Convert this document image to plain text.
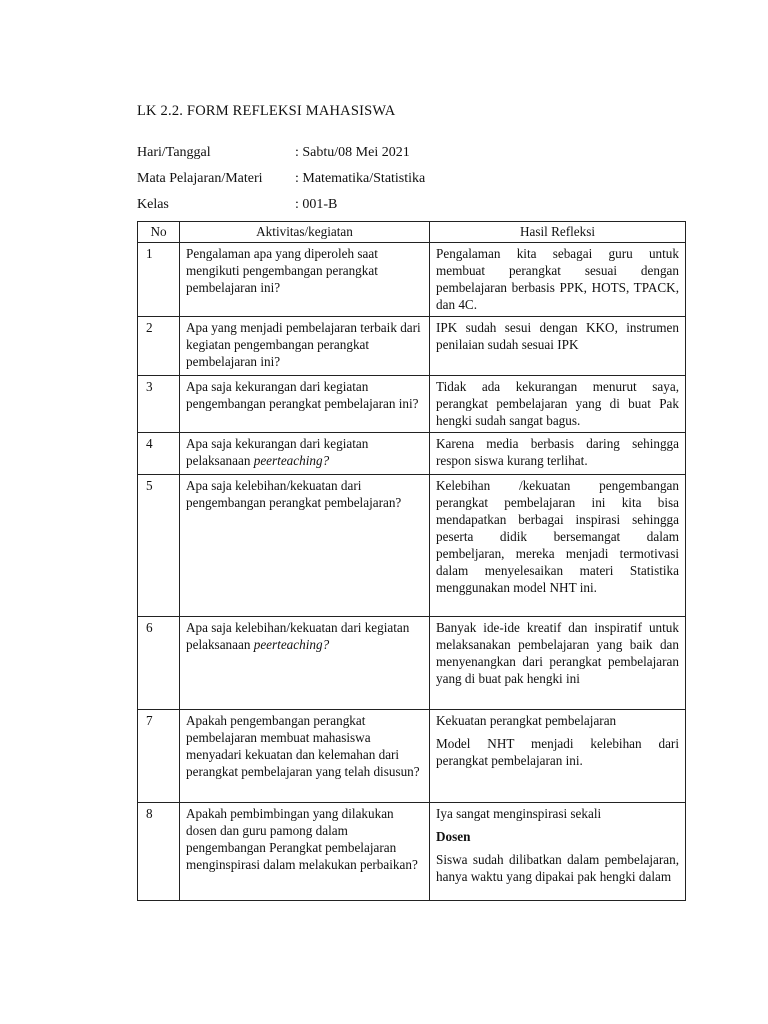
LK 2.2. FORM REFLEKSI MAHASISWA
Hari/Tanggal	: Sabtu/08 Mei 2021
Mata Pelajaran/Materi : Matematika/Statistika
Kelas	: 001-B
No	Aktivitas/kegiatan	Hasil Refleksi
1	Pengalaman apa yang diperoleh saat mengikuti pengembangan perangkat pembelajaran ini?	Pengalaman kita sebagai guru untuk membuat perangkat sesuai dengan pembelajaran berbasis PPK, HOTS, TPACK, dan 4C.
2	Apa yang menjadi pembelajaran terbaik dari kegiatan pengembangan perangkat pembelajaran ini?	IPK sudah sesui dengan KKO, instrumen penilaian sudah sesuai IPK
3	Apa saja kekurangan dari kegiatan pengembangan perangkat pembelajaran ini?	Tidak ada kekurangan menurut saya, perangkat pembelajaran yang di buat Pak hengki sudah sangat bagus.
4	Apa saja kekurangan dari kegiatan pelaksanaan peerteaching?	Karena media berbasis daring sehingga respon siswa kurang terlihat.
5	Apa saja kelebihan/kekuatan dari pengembangan perangkat pembelajaran?	Kelebihan /kekuatan pengembangan perangkat pembelajaran ini kita bisa mendapatkan berbagai inspirasi sehingga peserta didik bersemangat dalam pembeljaran, mereka menjadi termotivasi dalam menyelesaikan materi Statistika menggunakan model NHT ini.
6	Apa saja kelebihan/kekuatan dari kegiatan pelaksanaan peerteaching?	Banyak ide-ide kreatif dan inspiratif untuk melaksanakan pembelajaran yang baik dan menyenangkan dari perangkat pembelajaran yang di buat pak hengki ini
7	Apakah pengembangan perangkat pembelajaran membuat mahasiswa menyadari kekuatan dan kelemahan dari perangkat pembelajaran yang telah disusun?	Kekuatan perangkat pembelajaran
Model NHT menjadi kelebihan dari perangkat pembelajaran ini.

8	Apakah pembimbingan yang dilakukan dosen dan guru pamong dalam pengembangan Perangkat pembelajaran menginspirasi dalam melakukan perbaikan?	Iya sangat menginspirasi sekali
Dosen
Siswa sudah dilibatkan dalam pembelajaran, hanya waktu yang dipakai pak hengki dalam
